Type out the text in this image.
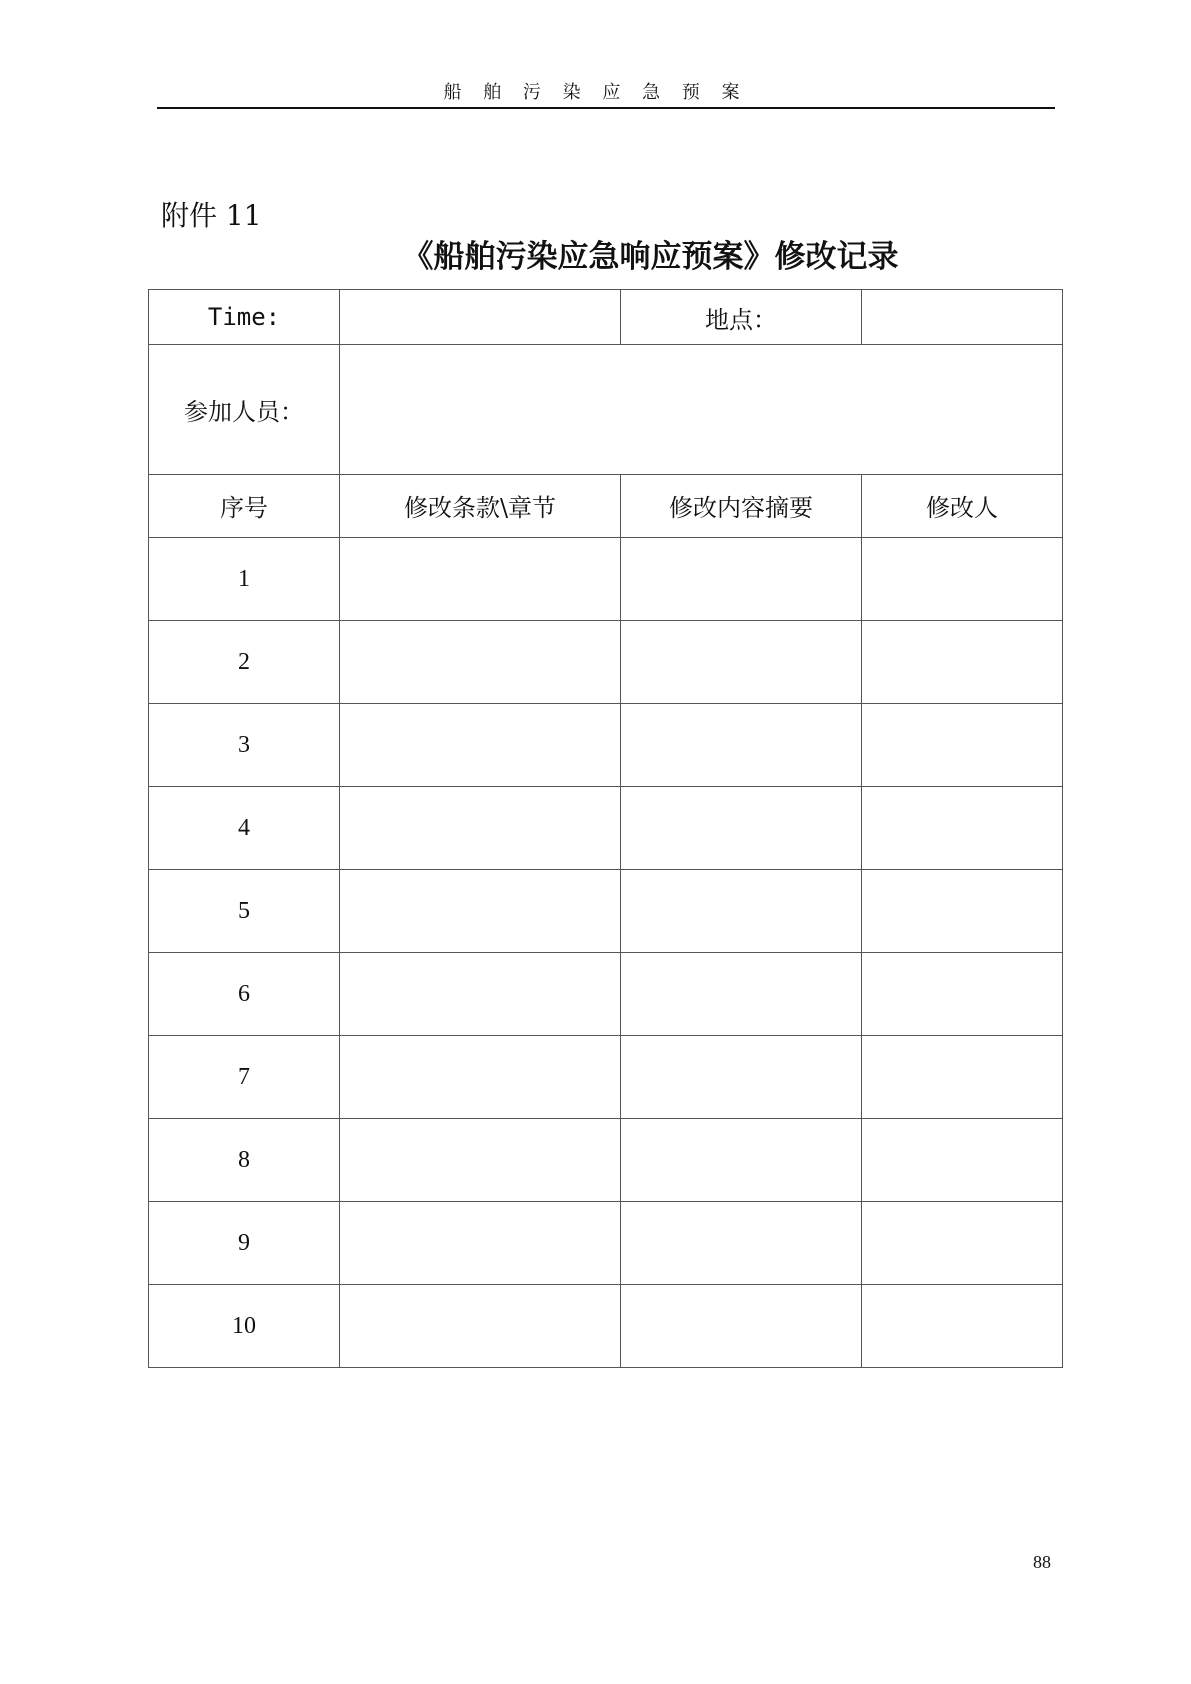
船 舶 污 染 应 急 预 案
附件 11
《船舶污染应急响应预案》修改记录
Time:		地点：	
参加人员：			
序号	修改条款\章节	修改内容摘要	修改人
1			
2			
3			
4			
5			
6			
7			
8			
9			
10			
88
